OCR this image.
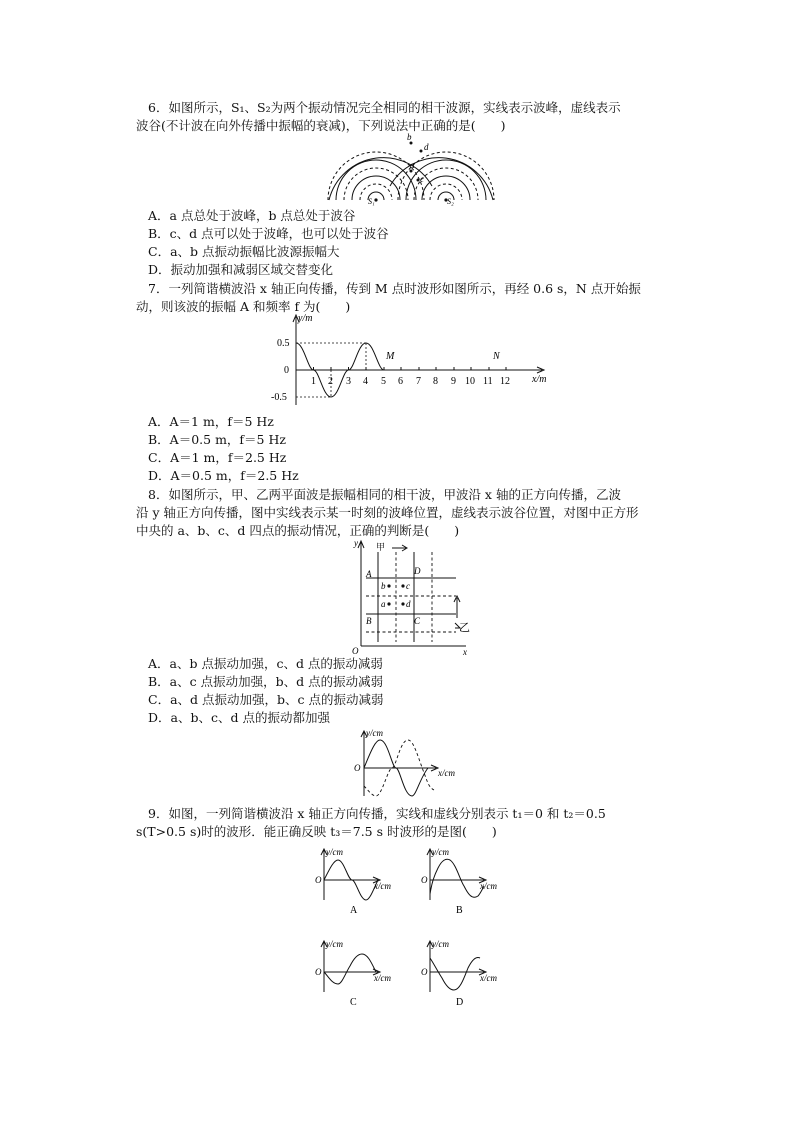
6．如图所示，S₁、S₂为两个振动情况完全相同的相干波源，实线表示波峰，虚线表示
波谷(不计波在向外传播中振幅的衰减)，下列说法中正确的是(　　)
b
d
a
c
S₁	S₂
A．a 点总处于波峰，b 点总处于波谷
B．c、d 点可以处于波峰，也可以处于波谷
C．a、b 点振动振幅比波源振幅大
D．振动加强和减弱区域交替变化
7．一列简谐横波沿 x 轴正向传播，传到 M 点时波形如图所示，再经 0.6 s，N 点开始振
动，则该波的振幅 A 和频率 f 为(　　)
y/m
x/m
0.5
0
-0.5
1 2 3 4 5 6 7 8 9 10 11 12
M	N
A．A＝1 m，f＝5 Hz
B．A＝0.5 m，f＝5 Hz
C．A＝1 m，f＝2.5 Hz
D．A＝0.5 m，f＝2.5 Hz
8．如图所示，甲、乙两平面波是振幅相同的相干波，甲波沿 x 轴的正方向传播，乙波
沿 y 轴正方向传播，图中实线表示某一时刻的波峰位置，虚线表示波谷位置，对图中正方形
中央的 a、b、c、d 四点的振动情况，正确的判断是(　　)
y
x
O
甲
乙
A
B	C
D
b c
a d
A．a、b 点振动加强，c、d 点的振动减弱
B．a、c 点振动加强，b、d 点的振动减弱
C．a、d 点振动加强，b、c 点的振动减弱
D．a、b、c、d 点的振动都加强
y/cm
x/cm
O
9．如图，一列简谐横波沿 x 轴正方向传播，实线和虚线分别表示 t₁＝0 和 t₂＝0.5
s(T>0.5 s)时的波形．能正确反映 t₃＝7.5 s 时波形的是图(　　)
y/cm
x/cm
O
A
y/cm
x/cm
O
B
y/cm
x/cm
O
C
y/cm
x/cm
O
D
